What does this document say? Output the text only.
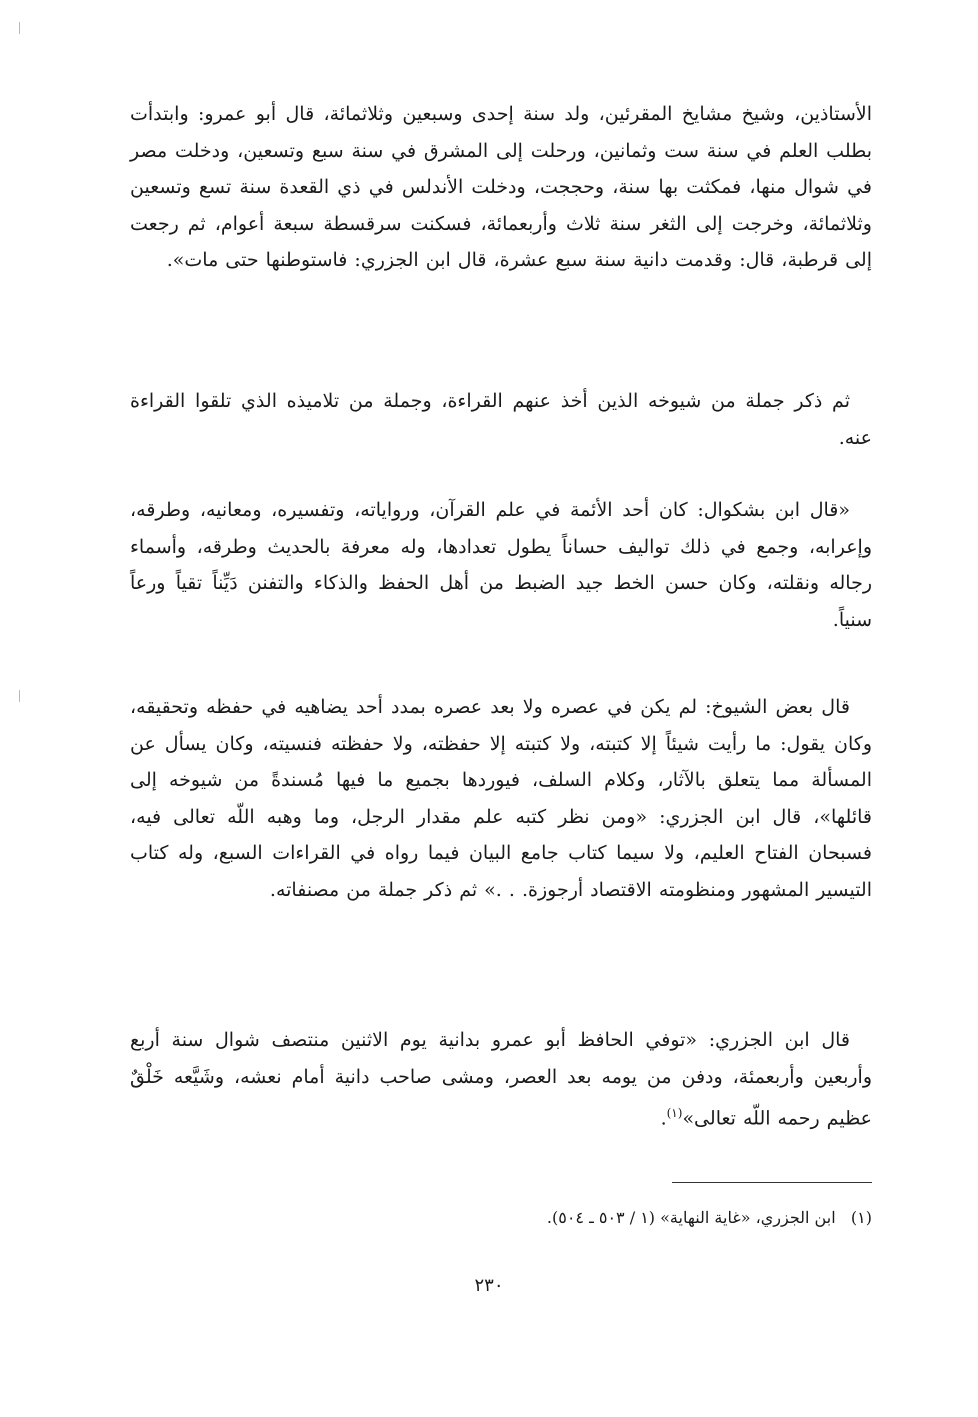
الأستاذين، وشيخ مشايخ المقرئين، ولد سنة إحدى وسبعين وثلاثمائة، قال أبو عمرو: وابتدأت بطلب العلم في سنة ست وثمانين، ورحلت إلى المشرق في سنة سبع وتسعين، ودخلت مصر في شوال منها، فمكثت بها سنة، وحججت، ودخلت الأندلس في ذي القعدة سنة تسع وتسعين وثلاثمائة، وخرجت إلى الثغر سنة ثلاث وأربعمائة، فسكنت سرقسطة سبعة أعوام، ثم رجعت إلى قرطبة، قال: وقدمت دانية سنة سبع عشرة، قال ابن الجزري: فاستوطنها حتى مات».

ثم ذكر جملة من شيوخه الذين أخذ عنهم القراءة، وجملة من تلاميذه الذي تلقوا القراءة عنه.

«قال ابن بشكوال: كان أحد الأئمة في علم القرآن، ورواياته، وتفسيره، ومعانيه، وطرقه، وإعرابه، وجمع في ذلك تواليف حساناً يطول تعدادها، وله معرفة بالحديث وطرقه، وأسماء رجاله ونقلته، وكان حسن الخط جيد الضبط من أهل الحفظ والذكاء والتفنن دَيِّناً تقياً ورعاً سنياً.

قال بعض الشيوخ: لم يكن في عصره ولا بعد عصره بمدد أحد يضاهيه في حفظه وتحقيقه، وكان يقول: ما رأيت شيئاً إلا كتبته، ولا كتبته إلا حفظته، ولا حفظته فنسيته، وكان يسأل عن المسألة مما يتعلق بالآثار، وكلام السلف، فيوردها بجميع ما فيها مُسندةً من شيوخه إلى قائلها»، قال ابن الجزري: «ومن نظر كتبه علم مقدار الرجل، وما وهبه اللّه تعالى فيه، فسبحان الفتاح العليم، ولا سيما كتاب جامع البيان فيما رواه في القراءات السبع، وله كتاب التيسير المشهور ومنظومته الاقتصاد أرجوزة. . .» ثم ذكر جملة من مصنفاته.

قال ابن الجزري: «توفي الحافظ أبو عمرو بدانية يوم الاثنين منتصف شوال سنة أربع وأربعين وأربعمئة، ودفن من يومه بعد العصر، ومشى صاحب دانية أمام نعشه، وشَيَّعه خَلْقٌ عظيم رحمه اللّه تعالى»$^{(١)}$.

(١)   ابن الجزري، «غاية النهاية» (١ / ٥٠٣ ـ ٥٠٤).
٢٣٠
